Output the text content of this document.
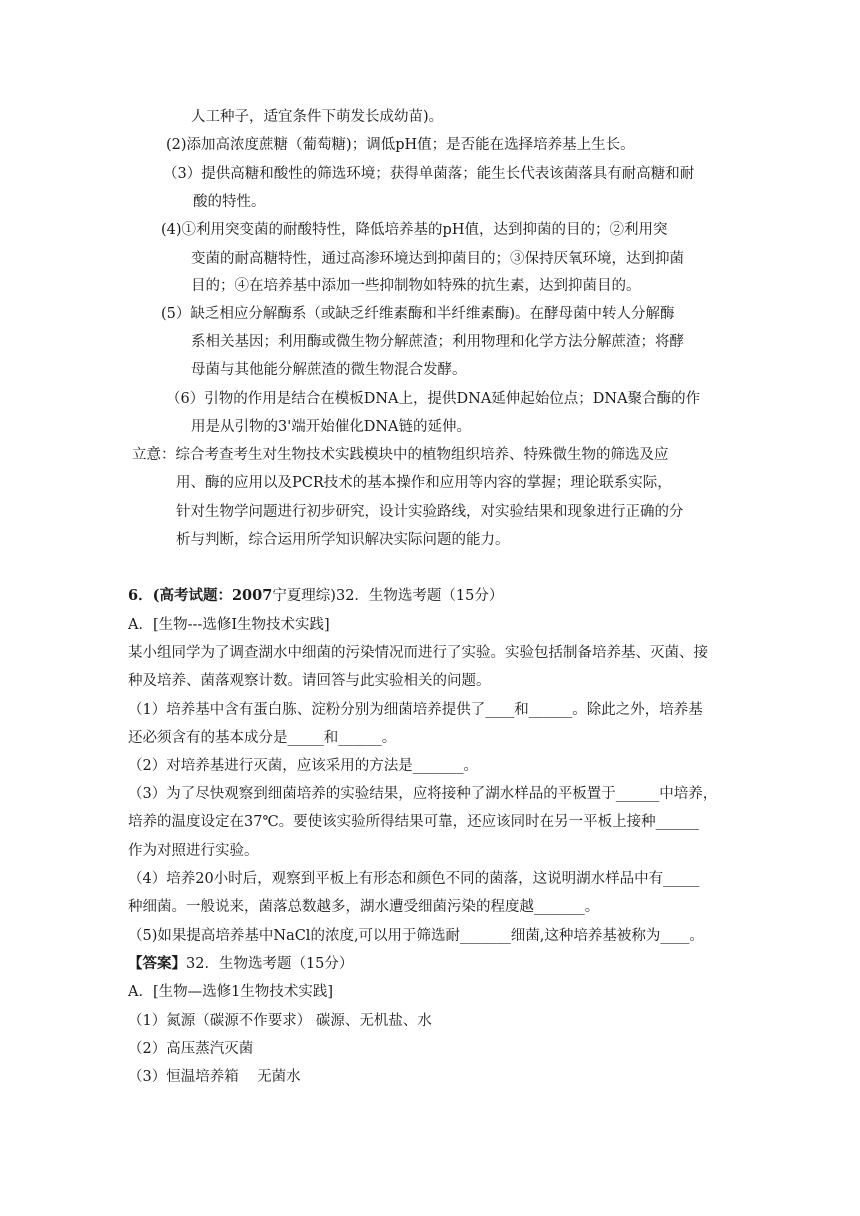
人工种子，适宜条件下萌发长成幼苗)。
(2)添加高浓度蔗糖（葡萄糖)；调低pH值；是否能在选择培养基上生长。
（3）提供高糖和酸性的筛选环境；获得单菌落；能生长代表该菌落具有耐高糖和耐
酸的特性。
(4)①利用突变菌的耐酸特性，降低培养基的pH值，达到抑菌的目的；②利用突
变菌的耐高糖特性，通过高渗环境达到抑菌目的；③保持厌氧环境，达到抑菌
目的；④在培养基中添加一些抑制物如特殊的抗生素，达到抑菌目的。
(5）缺乏相应分解酶系（或缺乏纤维素酶和半纤维素酶)。在酵母菌中转人分解酶
系相关基因；利用酶或微生物分解蔗渣；利用物理和化学方法分解蔗渣；将酵
母菌与其他能分解蔗渣的微生物混合发酵。
（6）引物的作用是结合在模板DNA上，提供DNA延伸起始位点；DNA聚合酶的作
用是从引物的3'端开始催化DNA链的延伸。
立意：综合考查考生对生物技术实践模块中的植物组织培养、特殊微生物的筛选及应
用、酶的应用以及PCR技术的基本操作和应用等内容的掌握；理论联系实际，
针对生物学问题进行初步研究，设计实验路线，对实验结果和现象进行正确的分
析与判断，综合运用所学知识解决实际问题的能力。
6．(高考试题：2007宁夏理综)32．生物选考题（15分）
A．[生物---选修Ⅰ生物技术实践]
某小组同学为了调查湖水中细菌的污染情况而进行了实验。实验包括制备培养基、灭菌、接
种及培养、菌落观察计数。请回答与此实验相关的问题。
（1）培养基中含有蛋白胨、淀粉分别为细菌培养提供了____和______。除此之外，培养基
还必须含有的基本成分是_____和______。
（2）对培养基进行灭菌，应该采用的方法是_______。
（3）为了尽快观察到细菌培养的实验结果，应将接种了湖水样品的平板置于______中培养，
培养的温度设定在37℃。要使该实验所得结果可靠，还应该同时在另一平板上接种______
作为对照进行实验。
（4）培养20小时后，观察到平板上有形态和颜色不同的菌落，这说明湖水样品中有_____
种细菌。一般说来，菌落总数越多，湖水遭受细菌污染的程度越_______。
（5)如果提高培养基中NaCl的浓度,可以用于筛选耐_______细菌,这种培养基被称为____。
【答案】32．生物选考题（15分）
A．[生物—选修1生物技术实践]
（1）氮源（碳源不作要求） 碳源、无机盐、水
（2）高压蒸汽灭菌
（3）恒温培养箱    无菌水
